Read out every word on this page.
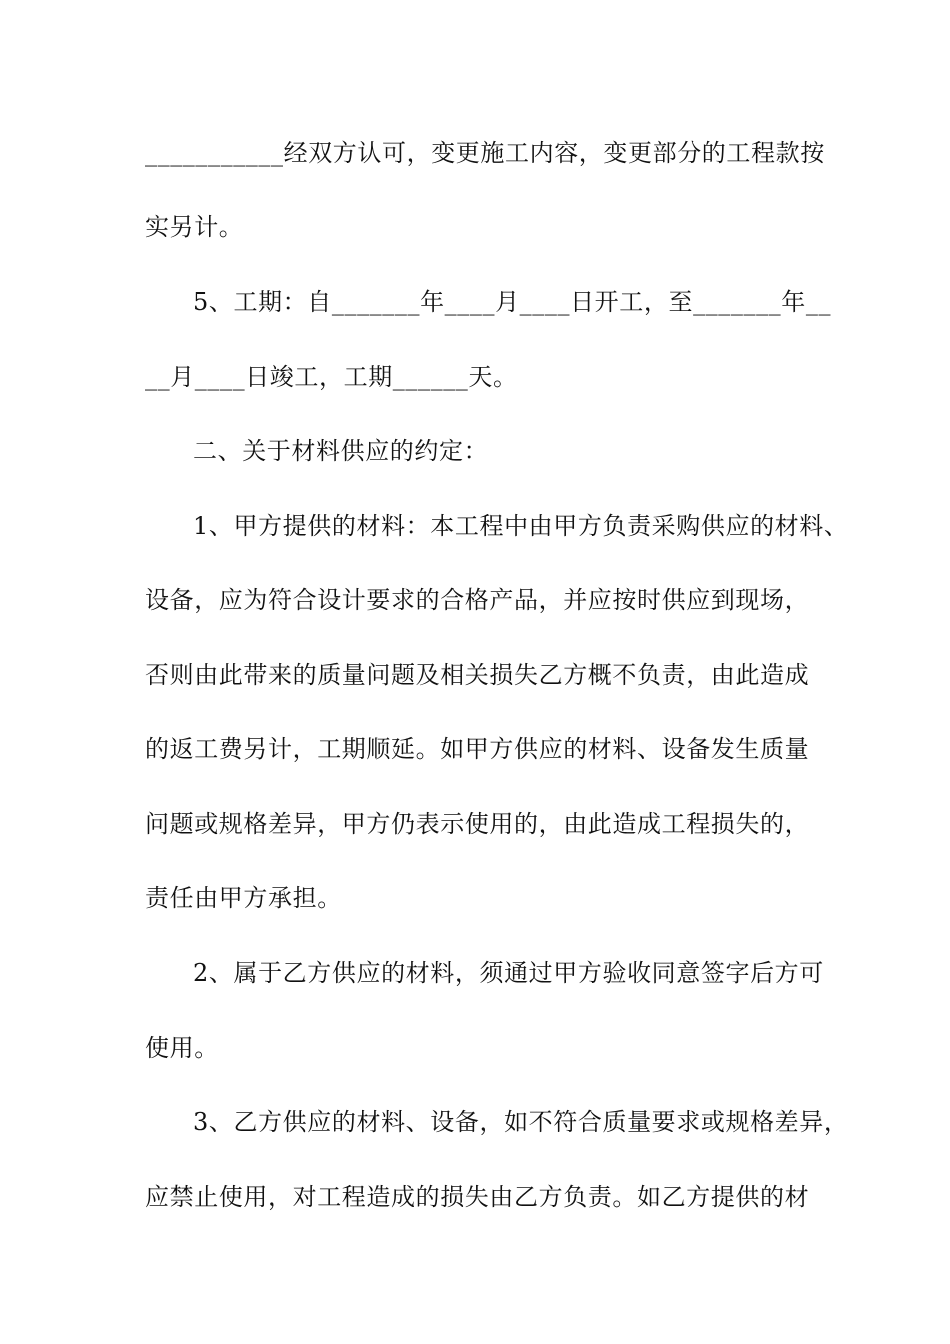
___________经双方认可，变更施工内容，变更部分的工程款按
实另计。
5、工期：自_______年____月____日开工，至_______年__
__月____日竣工，工期______天。
二、关于材料供应的约定：
1、甲方提供的材料：本工程中由甲方负责采购供应的材料、
设备，应为符合设计要求的合格产品，并应按时供应到现场，
否则由此带来的质量问题及相关损失乙方概不负责，由此造成
的返工费另计，工期顺延。如甲方供应的材料、设备发生质量
问题或规格差异，甲方仍表示使用的，由此造成工程损失的，
责任由甲方承担。
2、属于乙方供应的材料，须通过甲方验收同意签字后方可
使用。
3、乙方供应的材料、设备，如不符合质量要求或规格差异，
应禁止使用，对工程造成的损失由乙方负责。如乙方提供的材
